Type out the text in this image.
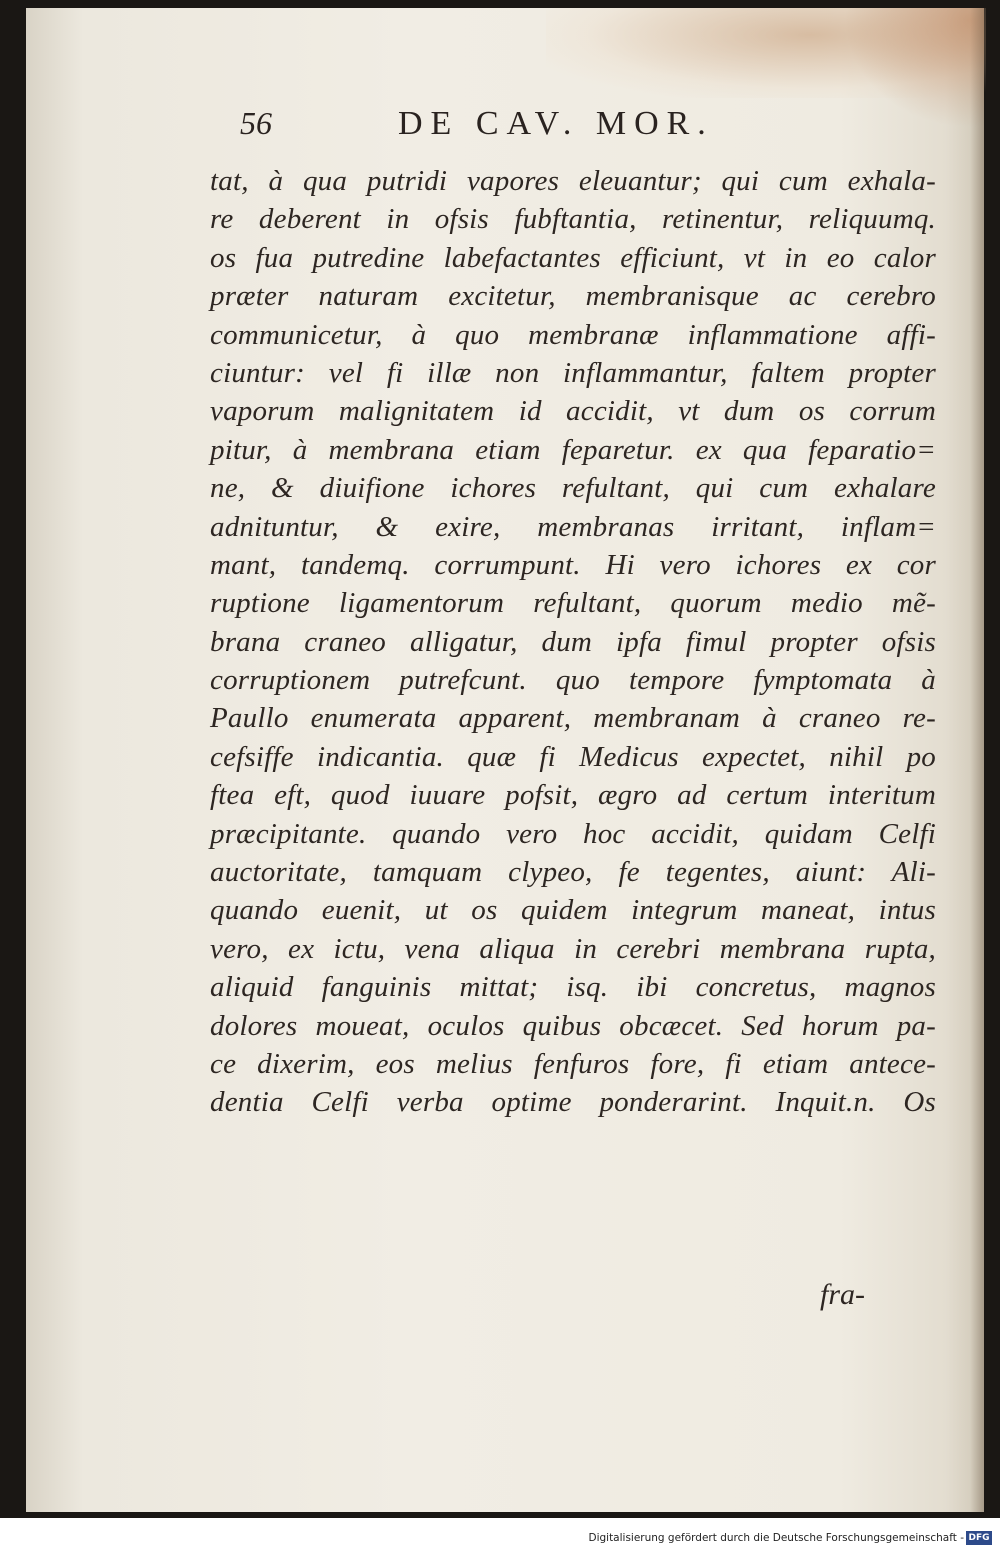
56	DE CAV. MOR.
tat, à qua putridi vapores eleuantur; qui cum exhala-
re deberent in ofsis fubftantia, retinentur, reliquumq.
os fua putredine labefactantes efficiunt, vt in eo calor
præter naturam excitetur, membranisque ac cerebro
communicetur, à quo membranæ inflammatione affi-
ciuntur: vel fi illæ non inflammantur, faltem propter
vaporum malignitatem id accidit, vt dum os corrum
pitur, à membrana etiam feparetur. ex qua feparatio=
ne, & diuifione ichores refultant, qui cum exhalare
adnituntur, & exire, membranas irritant, inflam=
mant, tandemq. corrumpunt. Hi vero ichores ex cor
ruptione ligamentorum refultant, quorum medio mẽ-
brana craneo alligatur, dum ipfa fimul propter ofsis
corruptionem putrefcunt. quo tempore fymptomata à
Paullo enumerata apparent, membranam à craneo re-
cefsiffe indicantia. quæ fi Medicus expectet, nihil po
ftea eft, quod iuuare pofsit, ægro ad certum interitum
præcipitante. quando vero hoc accidit, quidam Celfi
auctoritate, tamquam clypeo, fe tegentes, aiunt: Ali-
quando euenit, ut os quidem integrum maneat, intus
vero, ex ictu, vena aliqua in cerebri membrana rupta,
aliquid fanguinis mittat; isq. ibi concretus, magnos
dolores moueat, oculos quibus obcæcet. Sed horum pa-
ce dixerim, eos melius fenfuros fore, fi etiam antece-
dentia Celfi verba optime ponderarint. Inquit.n. Os
fra-
Digitalisierung gefördert durch die Deutsche Forschungsgemeinschaft - DFG
